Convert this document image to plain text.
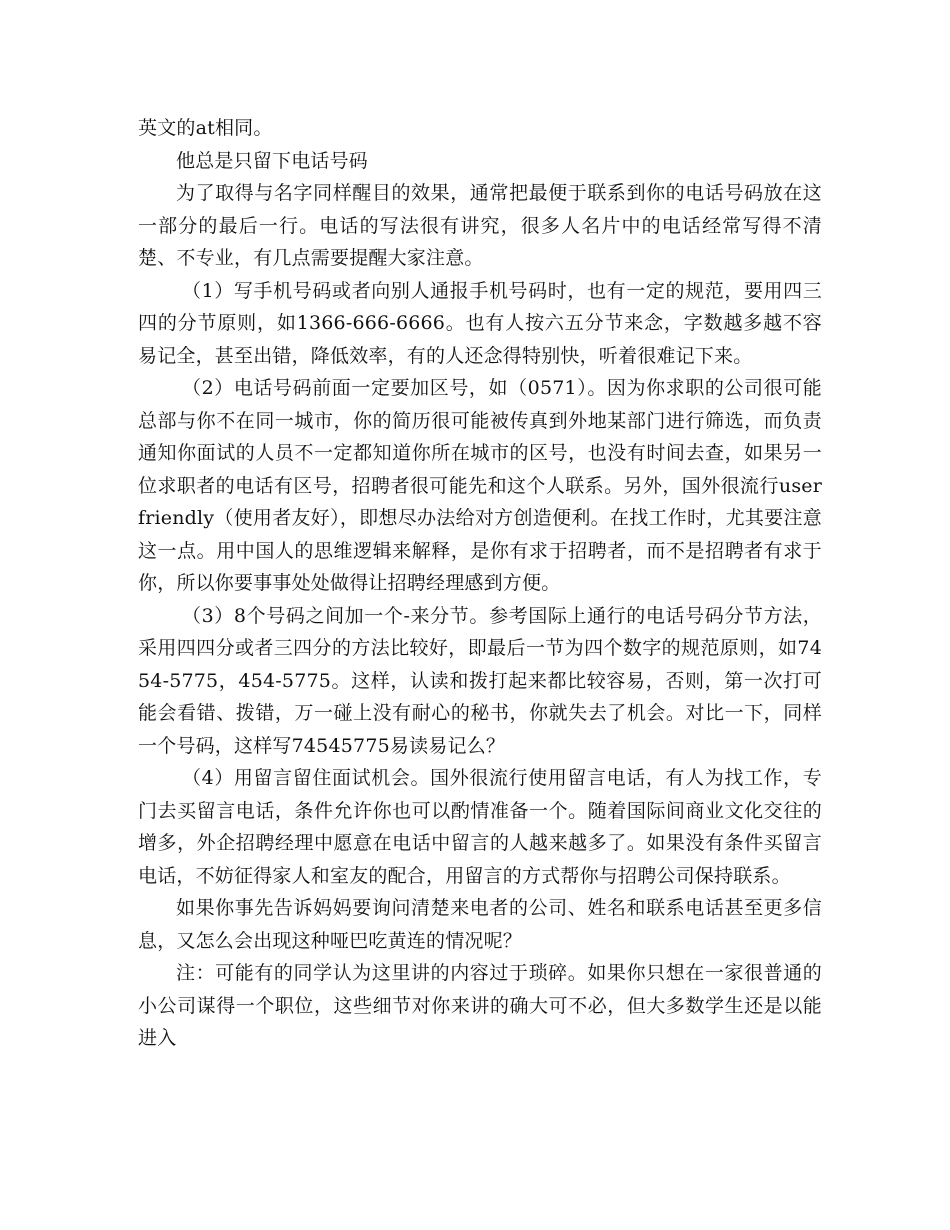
英文的at相同。

他总是只留下电话号码

为了取得与名字同样醒目的效果，通常把最便于联系到你的电话号码放在这一部分的最后一行。电话的写法很有讲究，很多人名片中的电话经常写得不清楚、不专业，有几点需要提醒大家注意。

（1）写手机号码或者向别人通报手机号码时，也有一定的规范，要用四三四的分节原则，如1366-666-6666。也有人按六五分节来念，字数越多越不容易记全，甚至出错，降低效率，有的人还念得特别快，听着很难记下来。

（2）电话号码前面一定要加区号，如（0571）。因为你求职的公司很可能总部与你不在同一城市，你的简历很可能被传真到外地某部门进行筛选，而负责通知你面试的人员不一定都知道你所在城市的区号，也没有时间去查，如果另一位求职者的电话有区号，招聘者很可能先和这个人联系。另外，国外很流行user friendly（使用者友好），即想尽办法给对方创造便利。在找工作时，尤其要注意这一点。用中国人的思维逻辑来解释，是你有求于招聘者，而不是招聘者有求于你，所以你要事事处处做得让招聘经理感到方便。

（3）8个号码之间加一个-来分节。参考国际上通行的电话号码分节方法，采用四四分或者三四分的方法比较好，即最后一节为四个数字的规范原则，如7454-5775，454-5775。这样，认读和拨打起来都比较容易，否则，第一次打可能会看错、拨错，万一碰上没有耐心的秘书，你就失去了机会。对比一下，同样一个号码，这样写74545775易读易记么？

（4）用留言留住面试机会。国外很流行使用留言电话，有人为找工作，专门去买留言电话，条件允许你也可以酌情准备一个。随着国际间商业文化交往的增多，外企招聘经理中愿意在电话中留言的人越来越多了。如果没有条件买留言电话，不妨征得家人和室友的配合，用留言的方式帮你与招聘公司保持联系。

如果你事先告诉妈妈要询问清楚来电者的公司、姓名和联系电话甚至更多信息，又怎么会出现这种哑巴吃黄连的情况呢？

注：可能有的同学认为这里讲的内容过于琐碎。如果你只想在一家很普通的小公司谋得一个职位，这些细节对你来讲的确大可不必，但大多数学生还是以能进入
